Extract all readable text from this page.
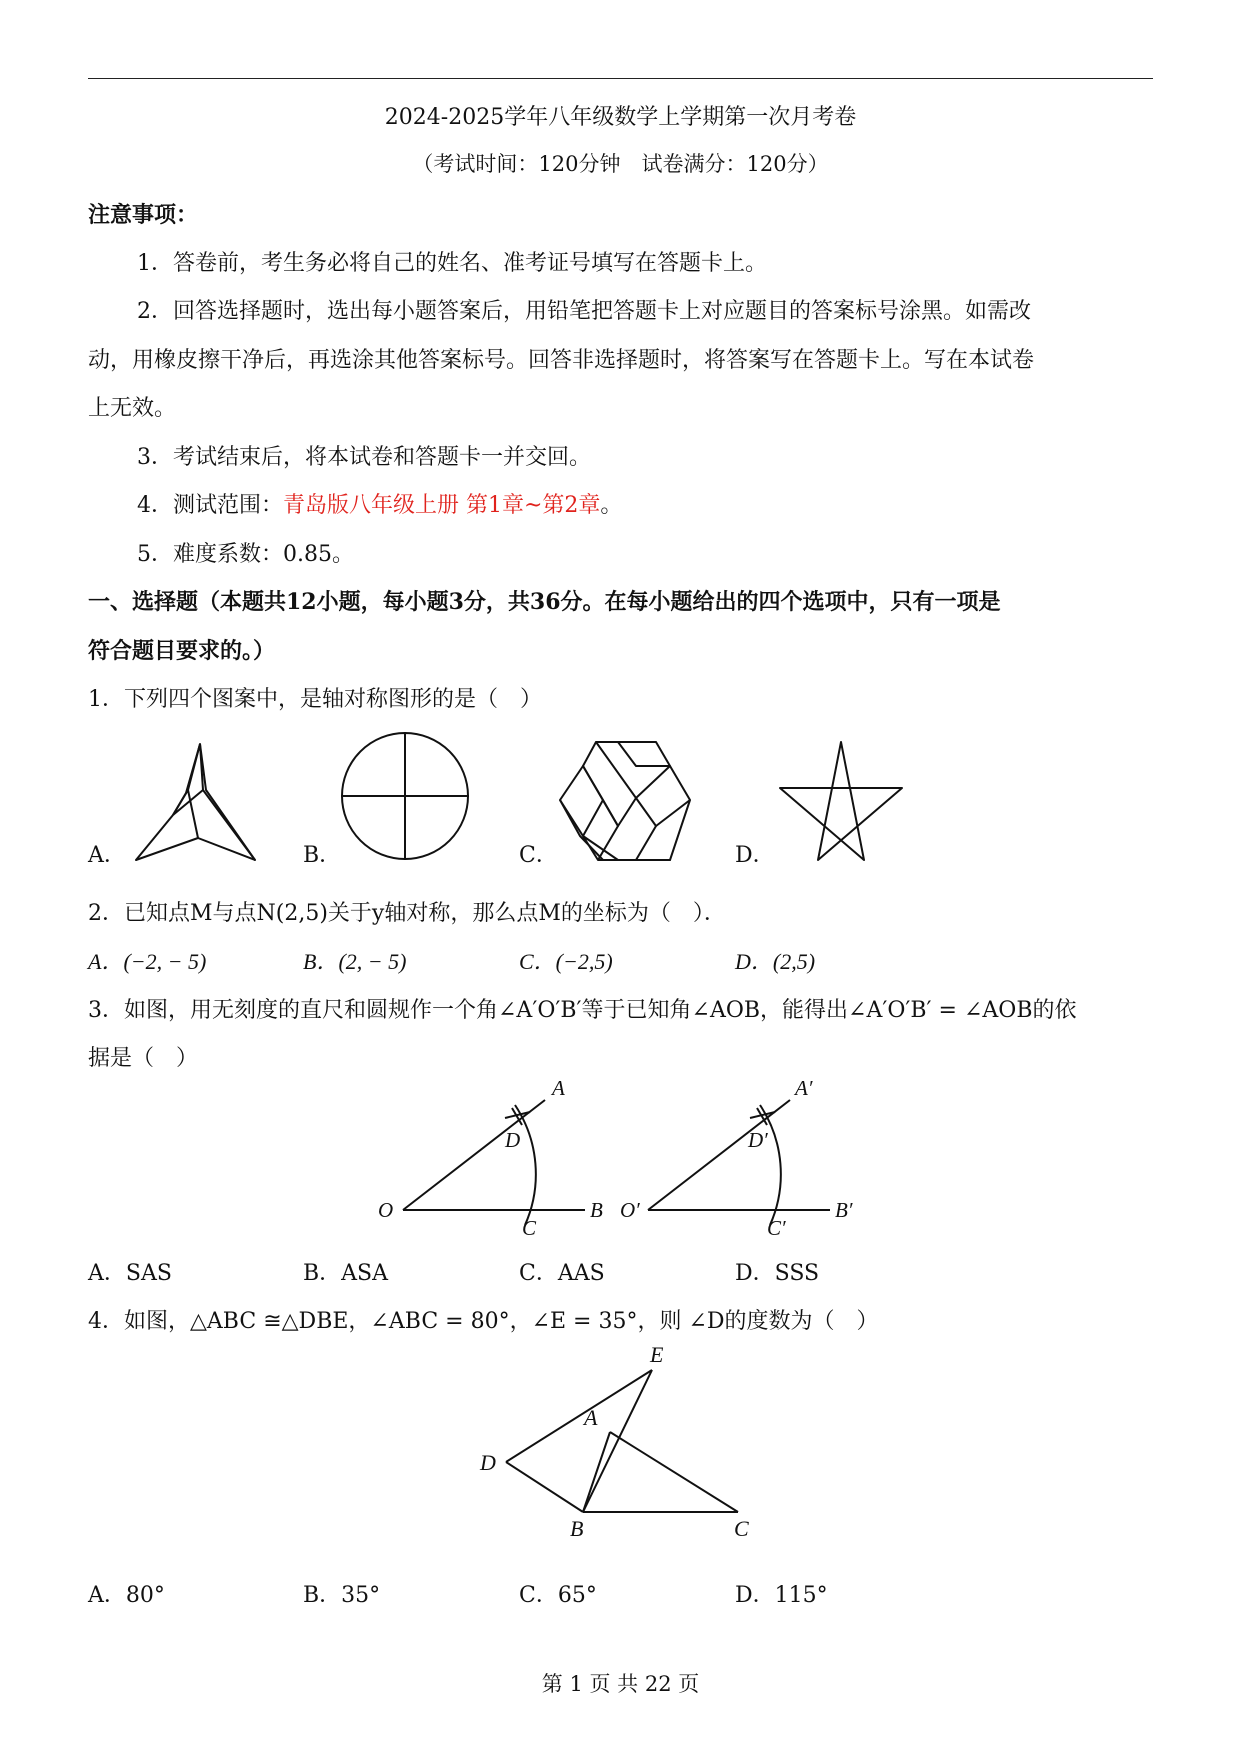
2024-2025学年八年级数学上学期第一次月考卷
（考试时间：120分钟　试卷满分：120分）
注意事项：
1．答卷前，考生务必将自己的姓名、准考证号填写在答题卡上。
2．回答选择题时，选出每小题答案后，用铅笔把答题卡上对应题目的答案标号涂黑。如需改
动，用橡皮擦干净后，再选涂其他答案标号。回答非选择题时，将答案写在答题卡上。写在本试卷
上无效。
3．考试结束后，将本试卷和答题卡一并交回。
4．测试范围：青岛版八年级上册 第1章~第2章。
5．难度系数：0.85。
一、选择题（本题共12小题，每小题3分，共36分。在每小题给出的四个选项中，只有一项是
符合题目要求的。）
1．下列四个图案中，是轴对称图形的是（　）
A．	B．	C．	D．
2．已知点M与点N(2,5)关于y轴对称，那么点M的坐标为（　）．
A．(−2, − 5)	B．(2, − 5)	C．(−2,5)	D．(2,5)
3．如图，用无刻度的直尺和圆规作一个角∠A′O′B′等于已知角∠AOB，能得出∠A′O′B′ = ∠AOB的依
据是（　）
A
D
O
C
B
A′
D′
O′
C′
B′
A．SAS	B．ASA	C．AAS	D．SSS
4．如图，△ABC ≅△DBE，∠ABC = 80°，∠E = 35°，则 ∠D的度数为（　）
E
A
D
B	C
A．80°	B．35°	C．65°	D．115°
第 1 页 共 22 页
